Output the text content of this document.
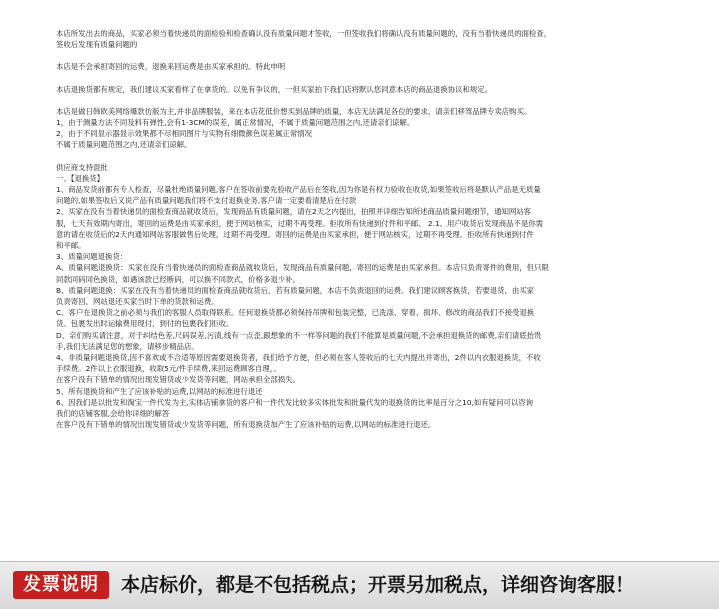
本店所发出去的商品，买家必须当着快递员的面检验和检查确认没有质量问题才签收，一但签收我们将确认没有质量问题的，没有当着快递员的面检查，

签收后发现有质量问题的

本店是不会承担寄回的运费，退换来回运费是由买家承担的。特此申明

本店退换货都有规定，我们建议买家看样了在拿货的。以免有争议的，一但买家拍下我们店将默认您同意本店的商品退换协议和规定。

本店是做日韩欧美网络爆款仿版为主,并非品牌服装，来在本店花低价想买到品牌的质量，本店无法满足各位的要求，请亲们移驾品牌专卖店购买。

1，由于测量方法不同及料有弹性,会有1-3CM的误差，属正常情况，不属于质量问题范围之内,还请亲们谅解。

2，由于不同显示器显示效果都不尽相同图片与实物有细微颜色误差属正常情况

不属于质量问题范围之内,还请亲们谅解。

供应商支持混批

一、【退换货】

1、商品发货前都有专人检查，尽量杜绝质量问题,客户在签收前要先验收产品后在签收,因为你是有权力验收在收货,如果签收后将是默认产品是无质量

问题的,如果签收后又说产品有质量问题我们将不支付退换业务,客户请一定要看清楚后在付款

2、买家在没有当着快递员的面检查商品就收货后，发现商品有质量问题，请在2天之内提出，拍照并详细告知所述商品质量问题细节，通知网站客

服，七天有效期内寄出，寄回的运费是由买家承担，便于网站核实，过期不再受理。拒收所有快递到付件和平邮。 2.1、用户收货后发现商品不是你需

意的请在收货后的2天内通知网站客服做售后处理，过期不再受理。寄回的运费是由买家承担，便于网站核实，过期不再受理。拒收所有快递到付件

和平邮。

3、质量问题退换货：

A、质量问题退换货：买家在没有当着快递员的面检查商品就收货后，发现商品有质量问题，寄回的运费是由买家承担。本店只负责寄件的费用，但只限

同款同码同色换货，如遇该款已经断码，可以换不同款式，价格多退少补。

B、质量问题退换：买家在没有当着快递员的面检查商品就收货后，若有质量问题，本店不负责退回的运费。我们建议顾客换货，若要退货，由买家

负责寄回，网站退还买家当时下单的货款和运费。

C、客户在退换货之前必须与我们的客服人员取得联系。任何退换货都必须保持吊牌和包装完整，已洗涤、穿着、损坏、修改的商品我们不接受退换

货。包裹发出时运输费用现付，到付的包裹我们拒收。

D、亲们购买请注意，对于纠结色差,尺码误差,污渍,线有一点歪,跟想象的不一样等问题的我们不能算是质量问题,不会承担退换货的邮费,亲们请底抬贵

手,我们无法满足您的想象，请移步精品店。

4、非质量问题退换货,因不喜欢或不合适等原因需要退换货者，我们给予方便，但必须在客人签收后的七天内提出并寄出，2件以内衣服退换货，不收

手续费。2件以上衣服退换，收取5元/件手续费,来回运费顾客自理，。

在客户没有下错单的情况出现发错货或少发货等问题，网站承担全部损失。

5、所有退换货和产生了应该补贴的运费,以网站的标准进行退还

6、因我们是以批发和淘宝一件代发为主,实体店铺拿货的客户和一件代发比较多实体批发和批量代发的退换货的比率是百分之10,如有疑问可以咨询

我们的店铺客服,会给你详细的解答

在客户没有下错单的情况出现发错货或少发货等问题，所有退换货加产生了应该补贴的运费,以网站的标准进行退还。

发票说明	本店标价，都是不包括税点；开票另加税点，详细咨询客服！
